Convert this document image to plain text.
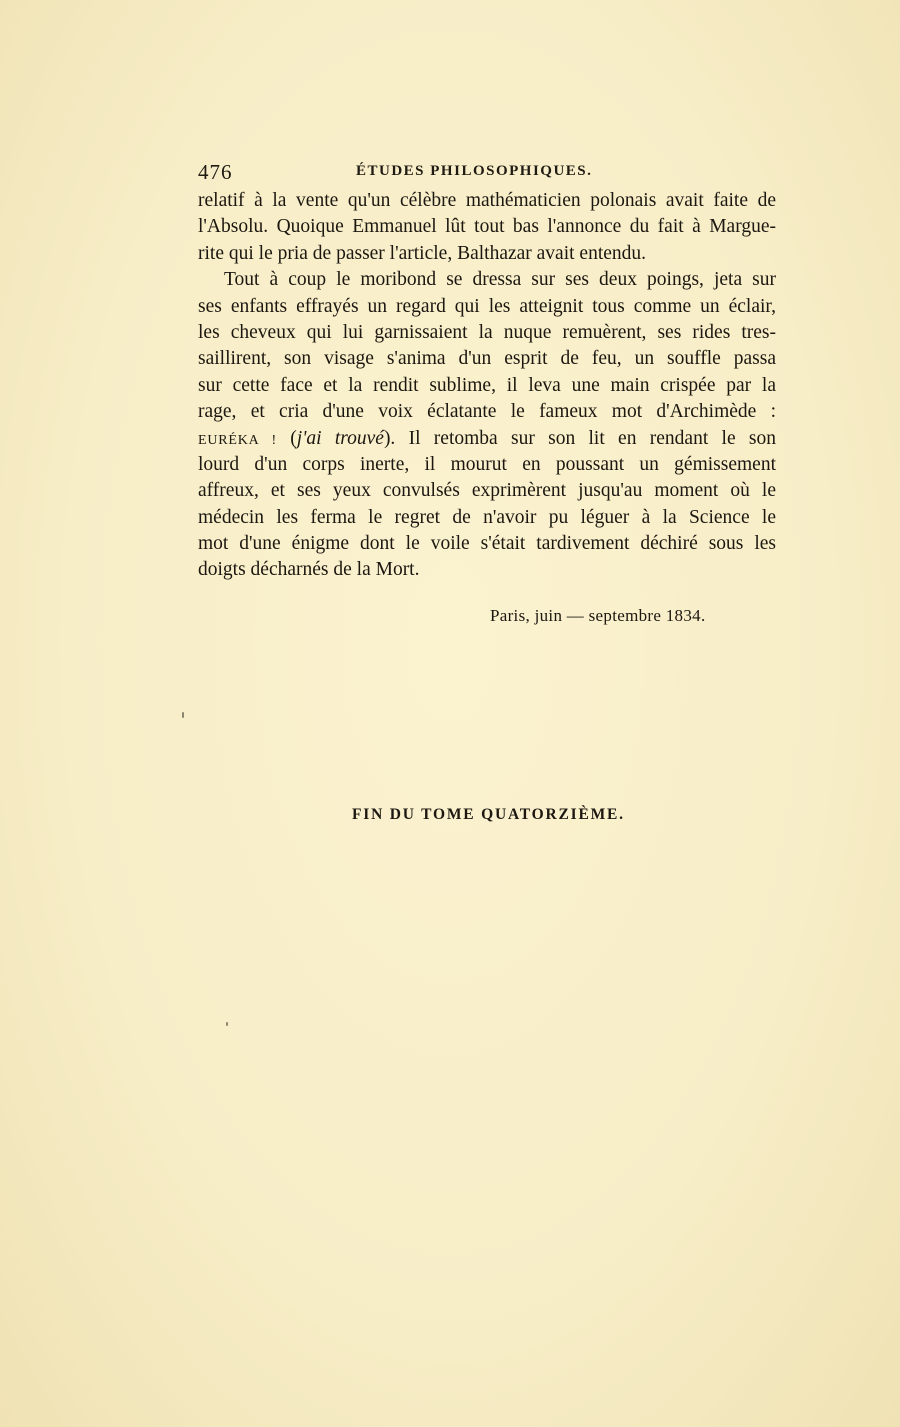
476	ÉTUDES PHILOSOPHIQUES.
relatif à la vente qu'un célèbre mathématicien polonais avait faite de
l'Absolu. Quoique Emmanuel lût tout bas l'annonce du fait à Margue-
rite qui le pria de passer l'article, Balthazar avait entendu.
Tout à coup le moribond se dressa sur ses deux poings, jeta sur
ses enfants effrayés un regard qui les atteignit tous comme un éclair,
les cheveux qui lui garnissaient la nuque remuèrent, ses rides tres-
saillirent, son visage s'anima d'un esprit de feu, un souffle passa
sur cette face et la rendit sublime, il leva une main crispée par la
rage, et cria d'une voix éclatante le fameux mot d'Archimède :
EURÉKA ! (j'ai trouvé). Il retomba sur son lit en rendant le son
lourd d'un corps inerte, il mourut en poussant un gémissement
affreux, et ses yeux convulsés exprimèrent jusqu'au moment où le
médecin les ferma le regret de n'avoir pu léguer à la Science le
mot d'une énigme dont le voile s'était tardivement déchiré sous les
doigts décharnés de la Mort.
Paris, juin — septembre 1834.
FIN DU TOME QUATORZIÈME.
